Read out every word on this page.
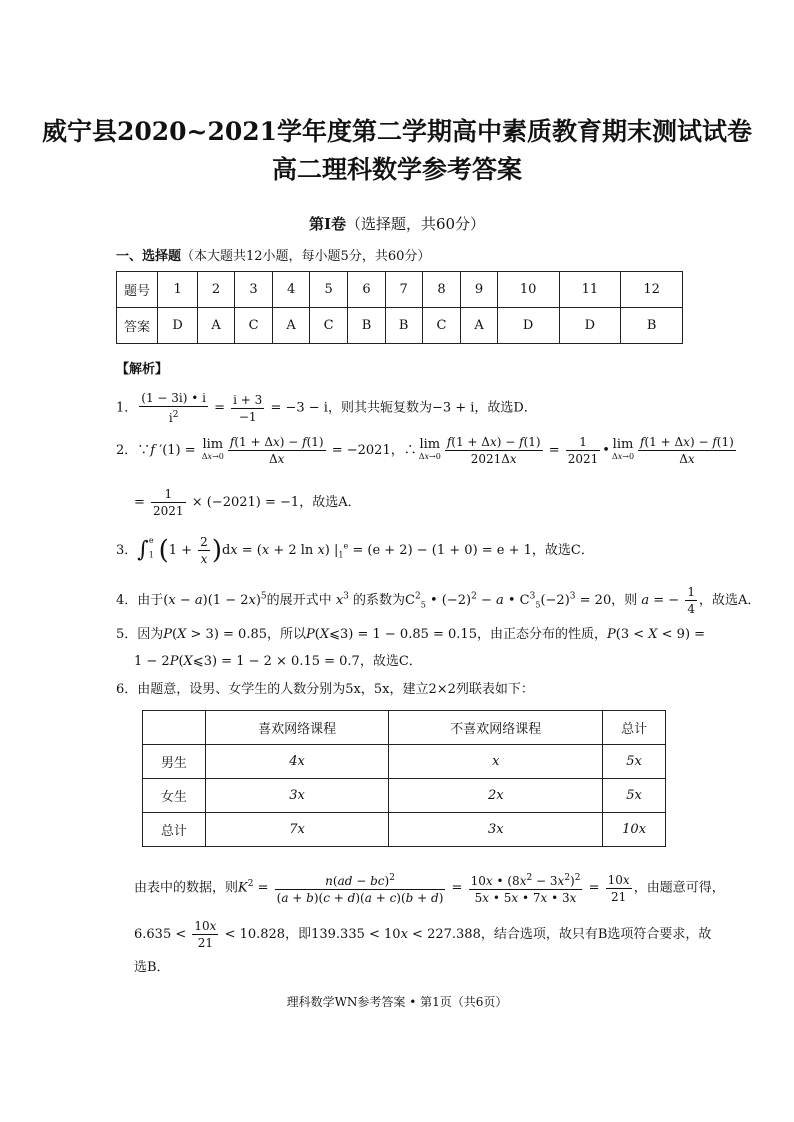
威宁县2020~2021学年度第二学期高中素质教育期末测试试卷
高二理科数学参考答案
第Ⅰ卷（选择题，共60分）
一、选择题（本大题共12小题，每小题5分，共60分）
题号	1	2	3	4	5	6	7	8	9	10	11	12
答案	D	A	C	A	C	B	B	C	A	D	D	B
【解析】
1． $\frac{(1 - 3i) • i}{i^2} = \frac{i + 3}{-1} = -3 - i$，则其共轭复数为−3 + i，故选D．
2．∵f ′(1) = lim
$\Delta x\to 0 \frac{f(1 + \Delta x) - f(1)}{\Delta x} = -2021$，∴ lim
$\Delta x\to 0 \frac{f(1 + \Delta x) - f(1)}{2021\Delta x} = \frac{1}{2021}$ • lim
$\Delta x\to 0 \frac{f(1 + \Delta x) - f(1)}{\Delta x}$
= $\frac{1}{2021} \times (-2021) = -1$，故选A．
3．$\int_1^e$ $(1 + \frac{2}{x} )dx = (x + 2$ ln x) $|_1^e = (e + 2) - (1 + 0) = e + 1$，故选C．
4．由于$(x - a)(1 - 2x)^5$的展开式中 $x^3$ 的系数为$C^2_5$ • $(-2)^2 - a$ • $C^3_5(-2)^3 = 20$，则 a = − $\frac{1}{4}$ ，故选A．
5．因为P(X > 3) = 0.85，所以P(X⩽3) = 1 − 0.85 = 0.15，由正态分布的性质，P(3 < X < 9) =
1 − 2P(X⩽3) = 1 − 2 × 0.15 = 0.7，故选C．
6．由题意，设男、女学生的人数分别为5x，5x，建立2×2列联表如下：
	喜欢网络课程	不喜欢网络课程	总计
男生	4x	x	5x
女生	3x	2x	5x
总计	7x	3x	10x
由表中的数据，则$K^2 = \frac{n(ad - bc)^2}{(a + b)(c + d)(a + c)(b + d)} = \frac{10x • (8x^2 - 3x^2)^2}{5x • 5x • 7x • 3x} = \frac{10x}{21}$ ，由题意可得，
$6.635 < \frac{10x}{21} < 10.828$，即139.335 < 10x < 227.388，结合选项，故只有B选项符合要求，故
选B．
理科数学WN参考答案 • 第1页（共6页）
